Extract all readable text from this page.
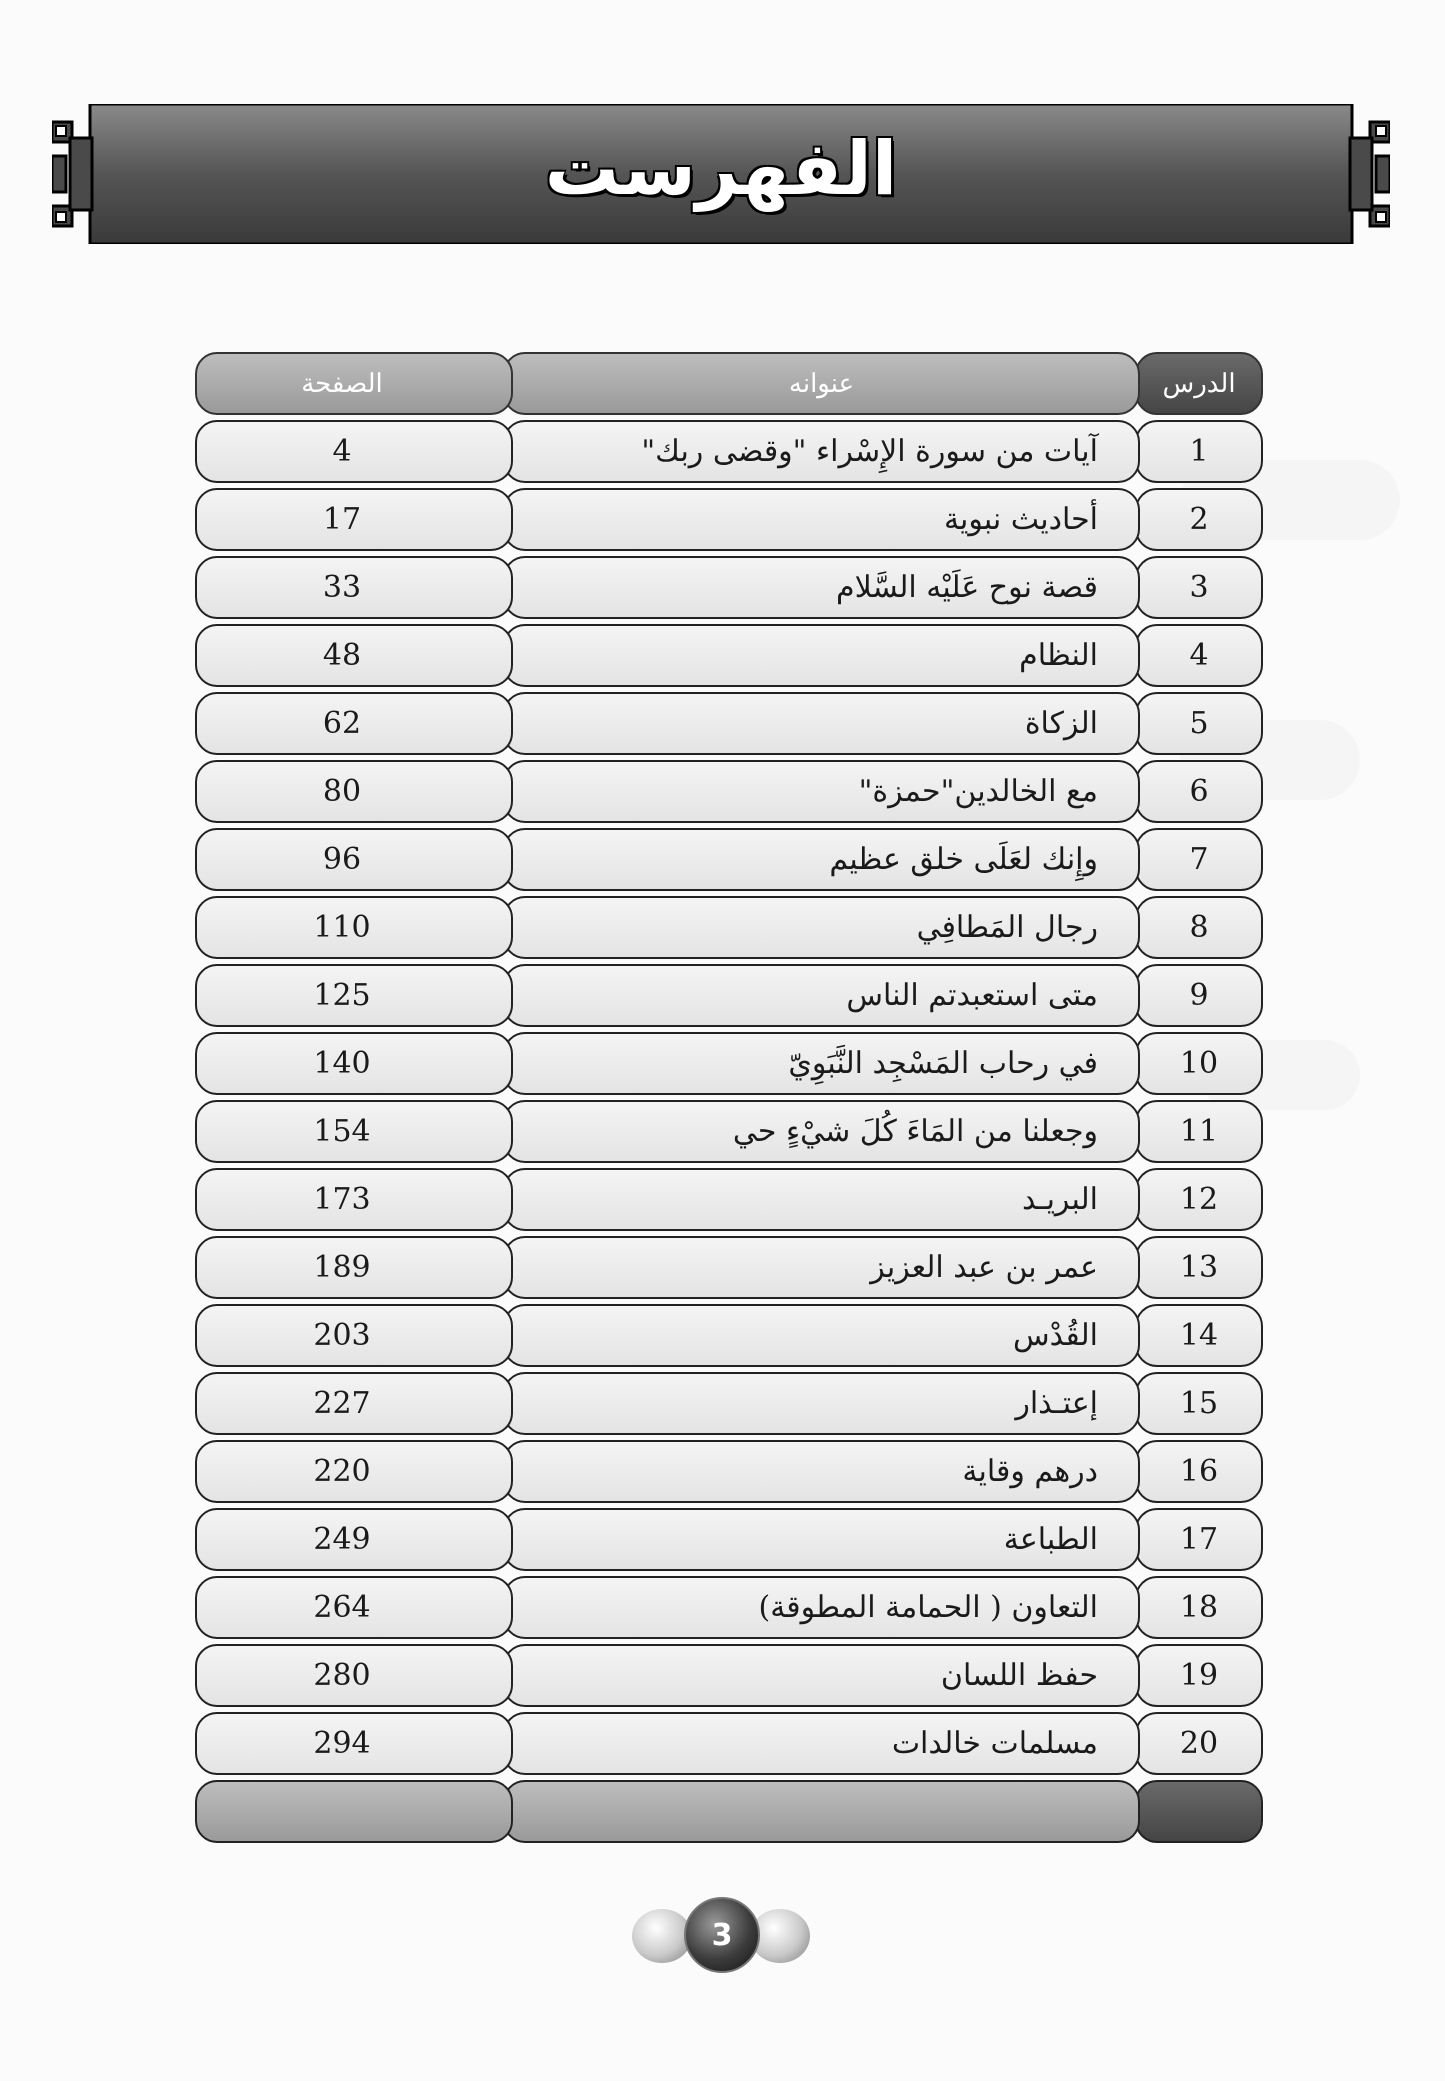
الفهرست
الدرس
عنوانه
الصفحة
1
آيات من سورة الإِسْراء "وقضى ربك"
4
2
أحاديث نبوية
17
3
قصة نوح عَلَيْه السَّلام
33
4
النظام
48
5
الزكاة
62
6
مع الخالدين"حمزة"
80
7
وإِنك لعَلَى خلق عظيم
96
8
رجال المَطافِي
110
9
متى استعبدتم الناس
125
10
في رحاب المَسْجِد النَّبَوِيّ
140
11
وجعلنا من المَاءَ كُلَ شيْءٍ حي
154
12
البريـد
173
13
عمر بن عبد العزيز
189
14
القُدْس
203
15
إعتـذار
227
16
درهم وقاية
220
17
الطباعة
249
18
التعاون ( الحمامة المطوقة)
264
19
حفظ اللسان
280
20
مسلمات خالدات
294
3
